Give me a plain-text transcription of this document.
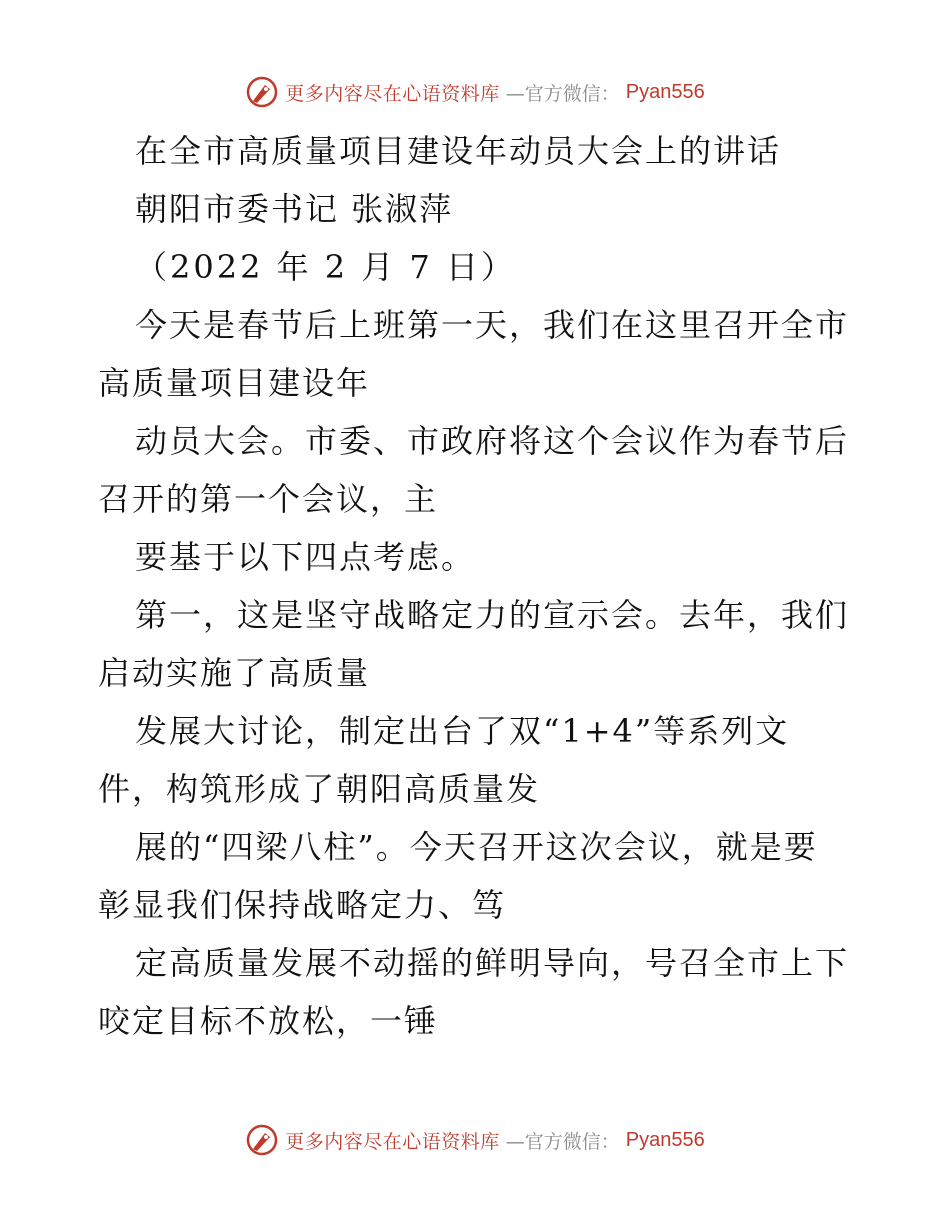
更多内容尽在心语资料库 —官方微信： Pyan556
在全市高质量项目建设年动员大会上的讲话
朝阳市委书记 张淑萍
（2022 年 2 月 7 日）
今天是春节后上班第一天，我们在这里召开全市
高质量项目建设年
动员大会。市委、市政府将这个会议作为春节后
召开的第一个会议，主
要基于以下四点考虑。
第一，这是坚守战略定力的宣示会。去年，我们
启动实施了高质量
发展大讨论，制定出台了双“1+4”等系列文
件，构筑形成了朝阳高质量发
展的“四梁八柱”。今天召开这次会议，就是要
彰显我们保持战略定力、笃
定高质量发展不动摇的鲜明导向，号召全市上下
咬定目标不放松，一锤
更多内容尽在心语资料库 —官方微信： Pyan556
